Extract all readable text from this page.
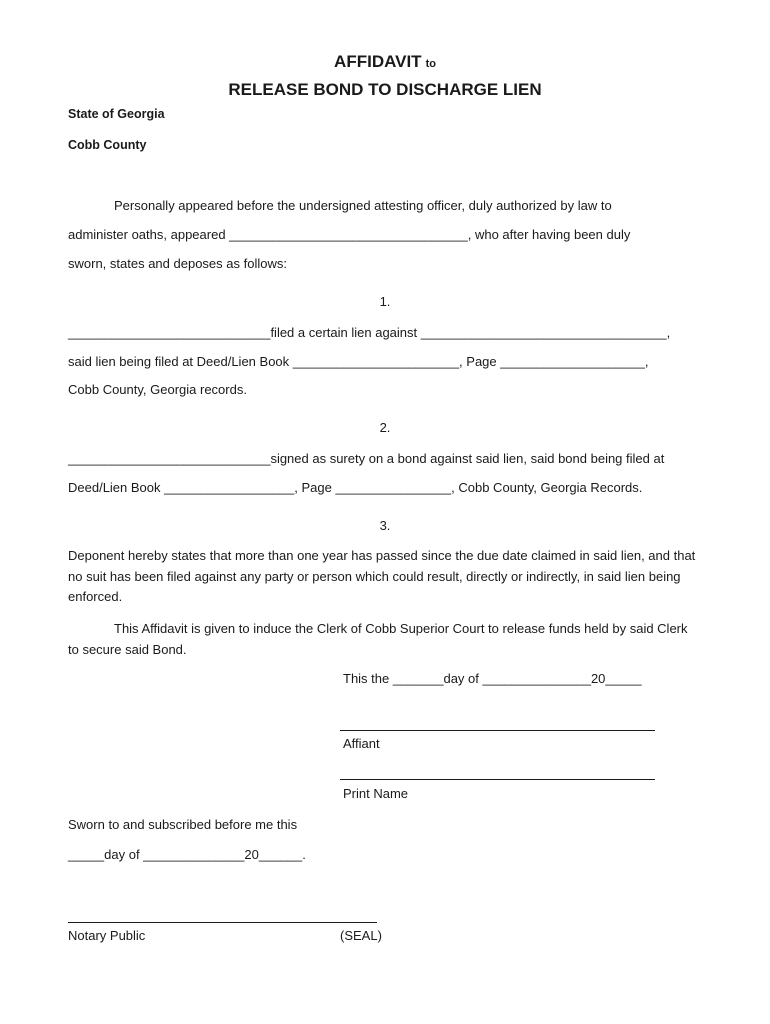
AFFIDAVIT to
RELEASE BOND TO DISCHARGE LIEN
State of Georgia
Cobb County
Personally appeared before the undersigned attesting officer, duly authorized by law to
administer oaths, appeared _________________________________, who after having been duly
sworn, states and deposes as follows:
1.
____________________________filed a certain lien against __________________________________,
said lien being filed at Deed/Lien Book _______________________, Page ____________________,
Cobb County, Georgia records.
2.
____________________________signed as surety on a bond against said lien, said bond being filed at
Deed/Lien Book __________________, Page ________________, Cobb County, Georgia Records.
3.
Deponent hereby states that more than one year has passed since the due date claimed in said lien, and that no suit has been filed against any party or person which could result, directly or indirectly, in said lien being enforced.
This Affidavit is given to induce the Clerk of Cobb Superior Court to release funds held by said Clerk to secure said Bond.
This the _______day of _______________20_____
Affiant
Print Name
Sworn to and subscribed before me this
_____day of ______________20______.
Notary Public	(SEAL)
